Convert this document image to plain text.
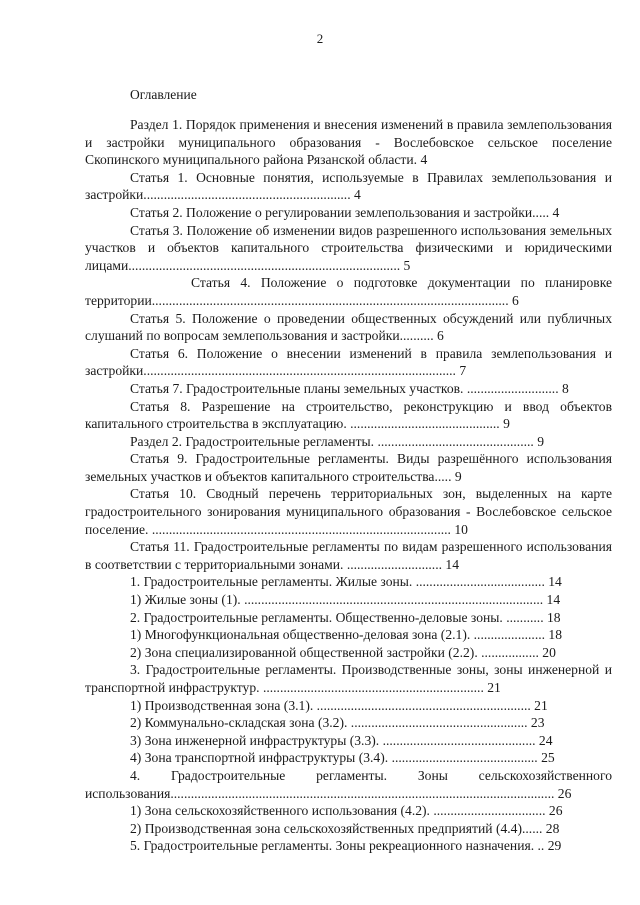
2
Оглавление
Раздел 1. Порядок применения и внесения изменений в правила землепользования и застройки муниципального образования - Вослебовское сельское поселение Скопинского муниципального района Рязанской области. 4
Статья 1. Основные понятия, используемые в Правилах землепользования и застройки............................................................. 4
Статья 2. Положение о регулировании землепользования и застройки..... 4
Статья 3. Положение об изменении видов разрешенного использования земельных участков и объектов капитального строительства физическими и юридическими лицами................................................................................ 5
Статья 4. Положение о подготовке документации по планировке территории......................................................................................................... 6
Статья 5. Положение о проведении общественных обсуждений или публичных слушаний по вопросам землепользования и застройки.......... 6
Статья 6. Положение о внесении изменений в правила землепользования и застройки............................................................................................ 7
Статья 7. Градостроительные планы земельных участков. ........................... 8
Статья 8. Разрешение на строительство, реконструкцию и ввод объектов капитального строительства в эксплуатацию. ............................................ 9
Раздел 2. Градостроительные регламенты. .............................................. 9
Статья 9. Градостроительные регламенты. Виды разрешённого использования земельных участков и объектов капитального строительства..... 9
Статья 10. Сводный перечень территориальных зон, выделенных на карте градостроительного зонирования муниципального образования - Вослебовское сельское поселение. ........................................................................................ 10
Статья 11. Градостроительные регламенты по видам разрешенного использования в соответствии с территориальными зонами. ............................ 14
1. Градостроительные регламенты. Жилые зоны. ...................................... 14
1) Жилые зоны (1). ........................................................................................ 14
2. Градостроительные регламенты. Общественно-деловые зоны. ........... 18
1) Многофункциональная общественно-деловая зона (2.1). ..................... 18
2) Зона специализированной общественной застройки (2.2). ................. 20
3. Градостроительные регламенты. Производственные зоны, зоны инженерной и транспортной инфраструктур. ................................................................. 21
1) Производственная зона (3.1). ............................................................... 21
2) Коммунально-складская зона (3.2). .................................................... 23
3) Зона инженерной инфраструктуры (3.3). ............................................. 24
4) Зона транспортной инфраструктуры (3.4). ........................................... 25
4. Градостроительные регламенты. Зоны сельскохозяйственного использования................................................................................................................. 26
1) Зона сельскохозяйственного использования (4.2). ................................. 26
2) Производственная зона сельскохозяйственных предприятий (4.4)...... 28
5. Градостроительные регламенты. Зоны рекреационного назначения. .. 29
